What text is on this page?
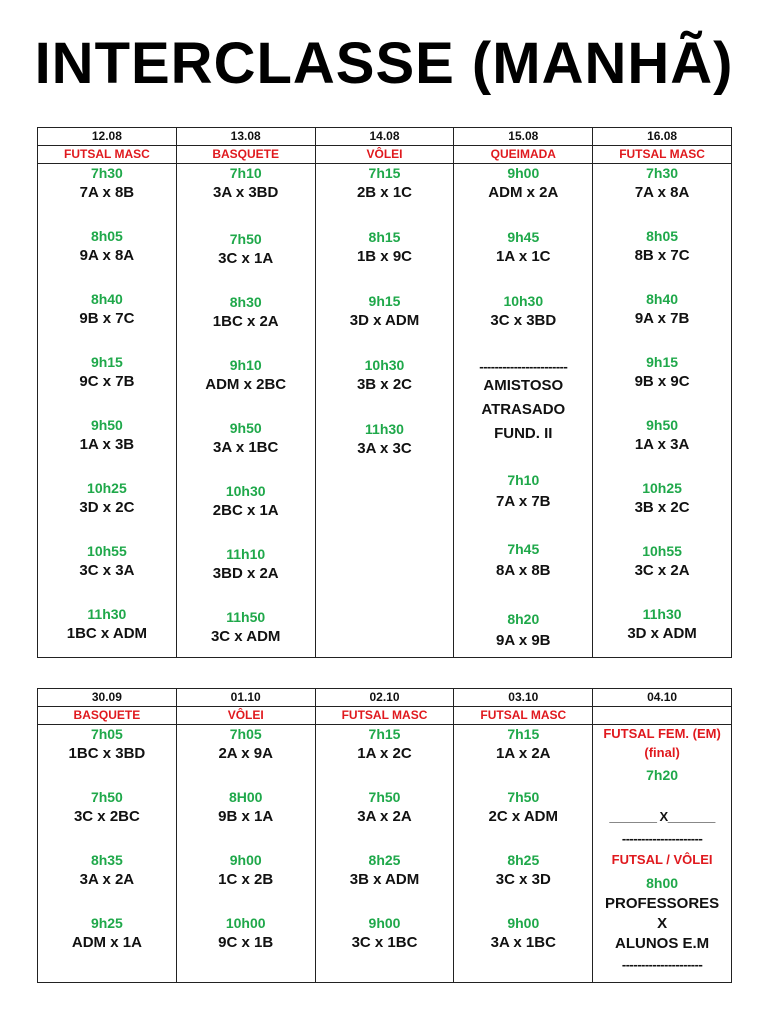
INTERCLASSE (MANHÃ)
12.08
FUTSAL MASC
7h30
7A x 8B
8h05
9A x 8A
8h40
9B x 7C
9h15
9C x 7B
9h50
1A x 3B
10h25
3D x 2C
10h55
3C x 3A
11h30
1BC x ADM
13.08
BASQUETE
7h10
3A x 3BD
7h50
3C x 1A
8h30
1BC x 2A
9h10
ADM x 2BC
9h50
3A x 1BC
10h30
2BC x 1A
11h10
3BD x 2A
11h50
3C x ADM
14.08
VÔLEI
7h15
2B x 1C
8h15
1B x 9C
9h15
3D x ADM
10h30
3B x 2C
11h30
3A x 3C
15.08
QUEIMADA
9h00
ADM x 2A
9h45
1A x 1C
10h30
3C x 3BD
-----------------------
AMISTOSO
ATRASADO
FUND. II
7h10
7A x 7B
7h45
8A x 8B
8h20
9A x 9B
16.08
FUTSAL MASC
7h30
7A x 8A
8h05
8B x 7C
8h40
9A x 7B
9h15
9B x 9C
9h50
1A x 3A
10h25
3B x 2C
10h55
3C x 2A
11h30
3D x ADM
30.09
BASQUETE
7h05
1BC x 3BD
7h50
3C x 2BC
8h35
3A x 2A
9h25
ADM x 1A
01.10
VÔLEI
7h05
2A x 9A
8H00
9B x 1A
9h00
1C x 2B
10h00
9C x 1B
02.10
FUTSAL MASC
7h15
1A x 2C
7h50
3A x 2A
8h25
3B x ADM
9h00
3C x 1BC
03.10
FUTSAL MASC
7h15
1A x 2A
7h50
2C x ADM
8h25
3C x 3D
9h00
3A x 1BC
04.10
FUTSAL FEM. (EM)
(final)
7h20
_______ X_______
---------------------
FUTSAL / VÔLEI
8h00
PROFESSORES
X
ALUNOS E.M
---------------------
